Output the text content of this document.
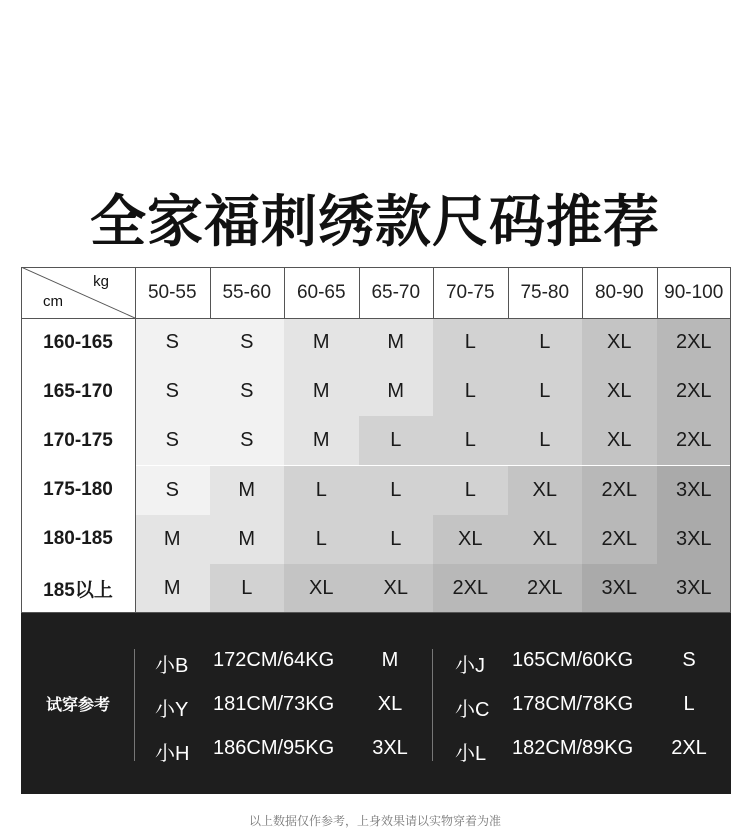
全家福刺绣款尺码推荐
kg
cm	50-55	55-60	60-65	65-70	70-75	75-80	80-90	90-100
160-165	S	S	M	M	L	L	XL	2XL
165-170	S	S	M	M	L	L	XL	2XL
170-175	S	S	M	L	L	L	XL	2XL
175-180	S	M	L	L	L	XL	2XL	3XL
180-185	M	M	L	L	XL	XL	2XL	3XL
185以上	M	L	XL	XL	2XL	2XL	3XL	3XL
试穿参考
小B 172CM/64KG M
小Y 181CM/73KG XL
小H 186CM/95KG 3XL
小J 165CM/60KG S
小C 178CM/78KG	L
小L 182CM/89KG 2XL
以上数据仅作参考，上身效果请以实物穿着为准
